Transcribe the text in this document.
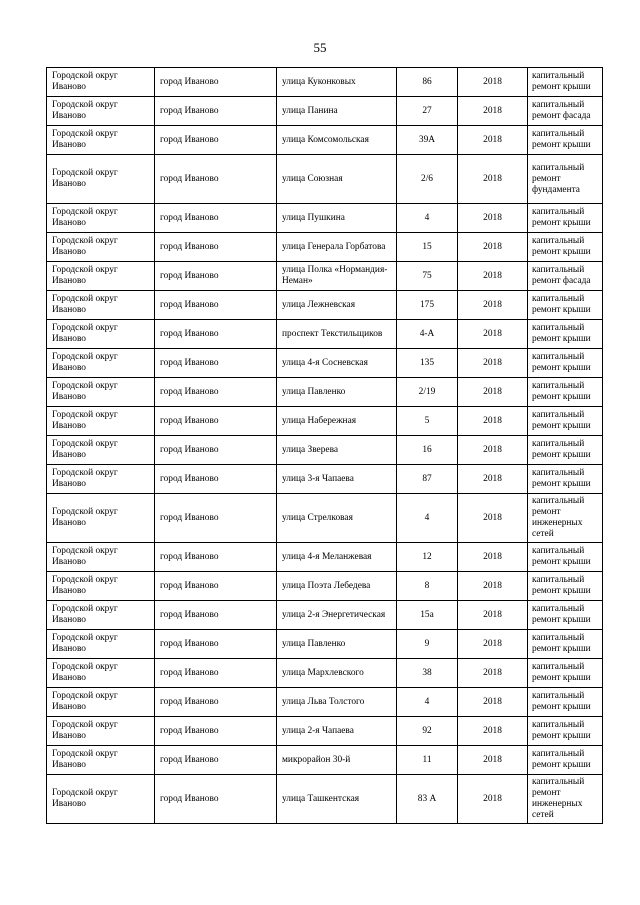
55
Городской округ Иваново	город Иваново	улица Куконковых	86	2018	капитальный ремонт крыши
Городской округ Иваново	город Иваново	улица Панина	27	2018	капитальный ремонт фасада
Городской округ Иваново	город Иваново	улица Комсомольская	39А	2018	капитальный ремонт крыши
Городской округ Иваново	город Иваново	улица Союзная	2/6	2018	капитальный ремонт фундамента
Городской округ Иваново	город Иваново	улица Пушкина	4	2018	капитальный ремонт крыши
Городской округ Иваново	город Иваново	улица Генерала Горбатова	15	2018	капитальный ремонт крыши
Городской округ Иваново	город Иваново	улица Полка «Нормандия-Неман»	75	2018	капитальный ремонт фасада
Городской округ Иваново	город Иваново	улица Лежневская	175	2018	капитальный ремонт крыши
Городской округ Иваново	город Иваново	проспект Текстильщиков	4-А	2018	капитальный ремонт крыши
Городской округ Иваново	город Иваново	улица 4-я Сосневская	135	2018	капитальный ремонт крыши
Городской округ Иваново	город Иваново	улица Павленко	2/19	2018	капитальный ремонт крыши
Городской округ Иваново	город Иваново	улица Набережная	5	2018	капитальный ремонт крыши
Городской округ Иваново	город Иваново	улица Зверева	16	2018	капитальный ремонт крыши
Городской округ Иваново	город Иваново	улица 3-я Чапаева	87	2018	капитальный ремонт крыши
Городской округ Иваново	город Иваново	улица Стрелковая	4	2018	капитальный ремонт инженерных сетей
Городской округ Иваново	город Иваново	улица 4-я Меланжевая	12	2018	капитальный ремонт крыши
Городской округ Иваново	город Иваново	улица Поэта Лебедева	8	2018	капитальный ремонт крыши
Городской округ Иваново	город Иваново	улица 2-я Энергетическая	15а	2018	капитальный ремонт крыши
Городской округ Иваново	город Иваново	улица Павленко	9	2018	капитальный ремонт крыши
Городской округ Иваново	город Иваново	улица Мархлевского	38	2018	капитальный ремонт крыши
Городской округ Иваново	город Иваново	улица Льва Толстого	4	2018	капитальный ремонт крыши
Городской округ Иваново	город Иваново	улица 2-я Чапаева	92	2018	капитальный ремонт крыши
Городской округ Иваново	город Иваново	микрорайон 30-й	11	2018	капитальный ремонт крыши
Городской округ Иваново	город Иваново	улица Ташкентская	83 А	2018	капитальный ремонт инженерных сетей
